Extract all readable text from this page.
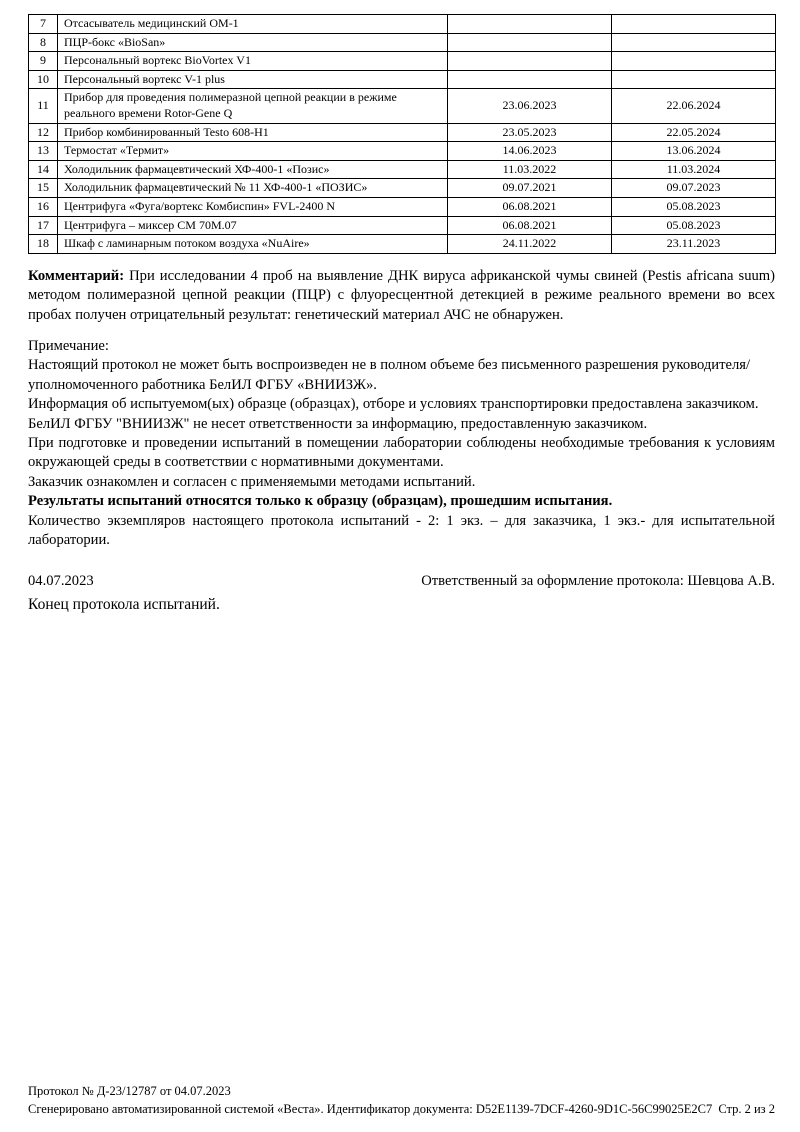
7	Отсасыватель медицинский ОМ-1		
8	ПЦР-бокс «BioSan»		
9	Персональный вортекс BioVortex V1		
10	Персональный вортекс V-1 plus		
11	Прибор для проведения полимеразной цепной реакции в режиме реального времени Rotor-Gene Q	23.06.2023	22.06.2024
12	Прибор комбинированный Testo 608-H1	23.05.2023	22.05.2024
13	Термостат «Термит»	14.06.2023	13.06.2024
14	Холодильник фармацевтический ХФ-400-1 «Позис»	11.03.2022	11.03.2024
15	Холодильник фармацевтический № 11 ХФ-400-1 «ПОЗИС»	09.07.2021	09.07.2023
16	Центрифуга «Фуга/вортекс Комбиспин» FVL-2400 N	06.08.2021	05.08.2023
17	Центрифуга – миксер СМ 70М.07	06.08.2021	05.08.2023
18	Шкаф с ламинарным потоком воздуха «NuAire»	24.11.2022	23.11.2023

Комментарий: При исследовании 4 проб на выявление ДНК вируса африканской чумы свиней (Pestis africana suum) методом полимеразной цепной реакции (ПЦР) с флуоресцентной детекцией в режиме реального времени во всех пробах получен отрицательный результат: генетический материал АЧС не обнаружен.

Примечание:

Настоящий протокол не может быть воспроизведен не в полном объеме без письменного разрешения руководителя/уполномоченного работника БелИЛ ФГБУ «ВНИИЗЖ».

Информация об испытуемом(ых) образце (образцах), отборе и условиях транспортировки предоставлена заказчиком.

БелИЛ ФГБУ "ВНИИЗЖ" не несет ответственности за информацию, предоставленную заказчиком.

При подготовке и проведении испытаний в помещении лаборатории соблюдены необходимые требования к условиям окружающей среды в соответствии с нормативными документами.

Заказчик ознакомлен и согласен с применяемыми методами испытаний.

Результаты испытаний относятся только к образцу (образцам), прошедшим испытания.

Количество экземпляров настоящего протокола испытаний - 2: 1 экз. – для заказчика, 1 экз.- для испытательной лаборатории.

04.07.2023	Ответственный за оформление протокола: Шевцова А.В.
Конец протокола испытаний.
Протокол № Д-23/12787 от 04.07.2023
Сгенерировано автоматизированной системой «Веста». Идентификатор документа: D52E1139-7DCF-4260-9D1C-56C99025E2C7 Стр. 2 из 2
